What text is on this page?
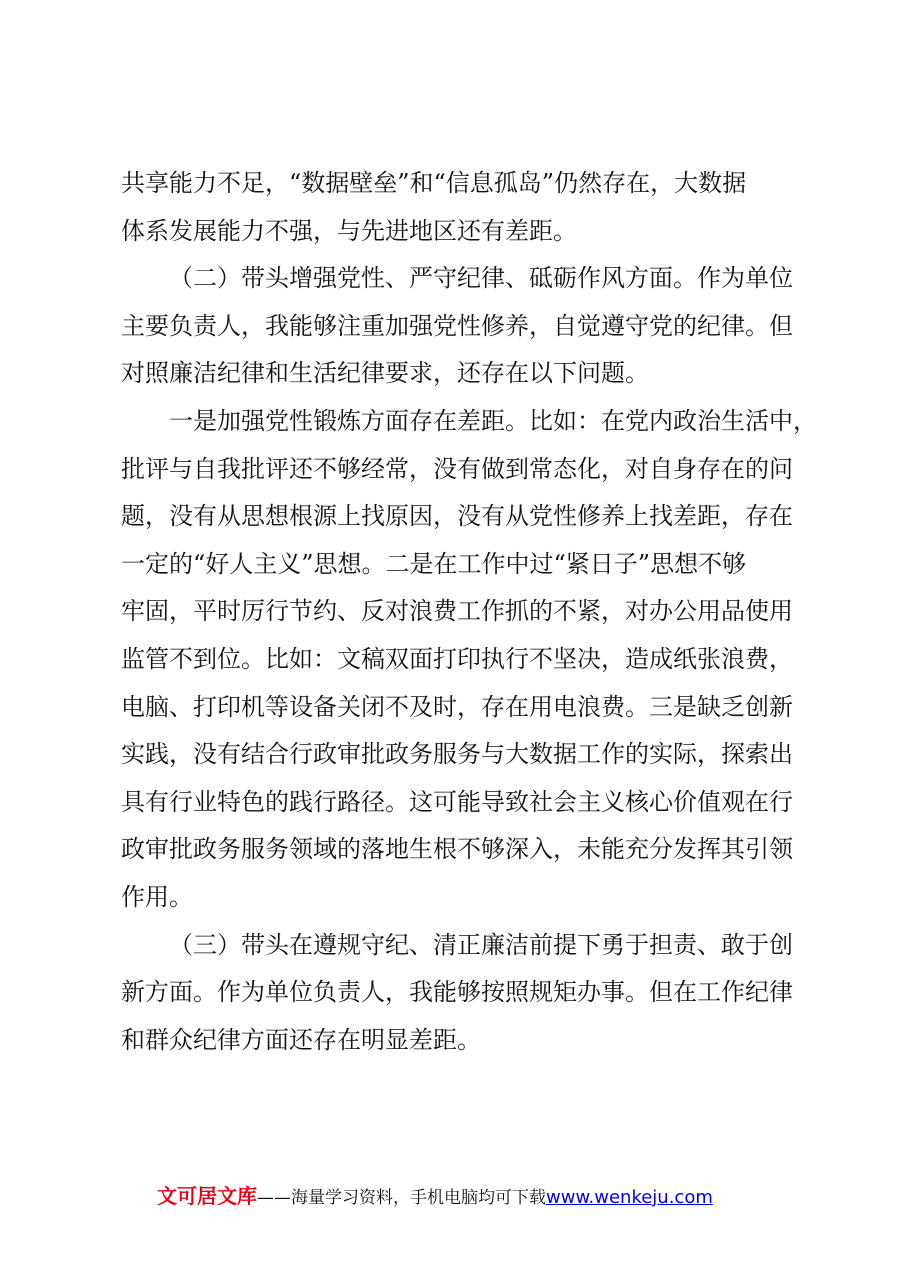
共享能力不足，“数据壁垒”和“信息孤岛”仍然存在，大数据
体系发展能力不强，与先进地区还有差距。
（二）带头增强党性、严守纪律、砥砺作风方面。作为单位
主要负责人，我能够注重加强党性修养，自觉遵守党的纪律。但
对照廉洁纪律和生活纪律要求，还存在以下问题。
一是加强党性锻炼方面存在差距。比如：在党内政治生活中，
批评与自我批评还不够经常，没有做到常态化，对自身存在的问
题，没有从思想根源上找原因，没有从党性修养上找差距，存在
一定的“好人主义”思想。二是在工作中过“紧日子”思想不够
牢固，平时厉行节约、反对浪费工作抓的不紧，对办公用品使用
监管不到位。比如：文稿双面打印执行不坚决，造成纸张浪费，
电脑、打印机等设备关闭不及时，存在用电浪费。三是缺乏创新
实践，没有结合行政审批政务服务与大数据工作的实际，探索出
具有行业特色的践行路径。这可能导致社会主义核心价值观在行
政审批政务服务领域的落地生根不够深入，未能充分发挥其引领
作用。
（三）带头在遵规守纪、清正廉洁前提下勇于担责、敢于创
新方面。作为单位负责人，我能够按照规矩办事。但在工作纪律
和群众纪律方面还存在明显差距。
文可居文库——海量学习资料，手机电脑均可下载www.wenkeju.com
